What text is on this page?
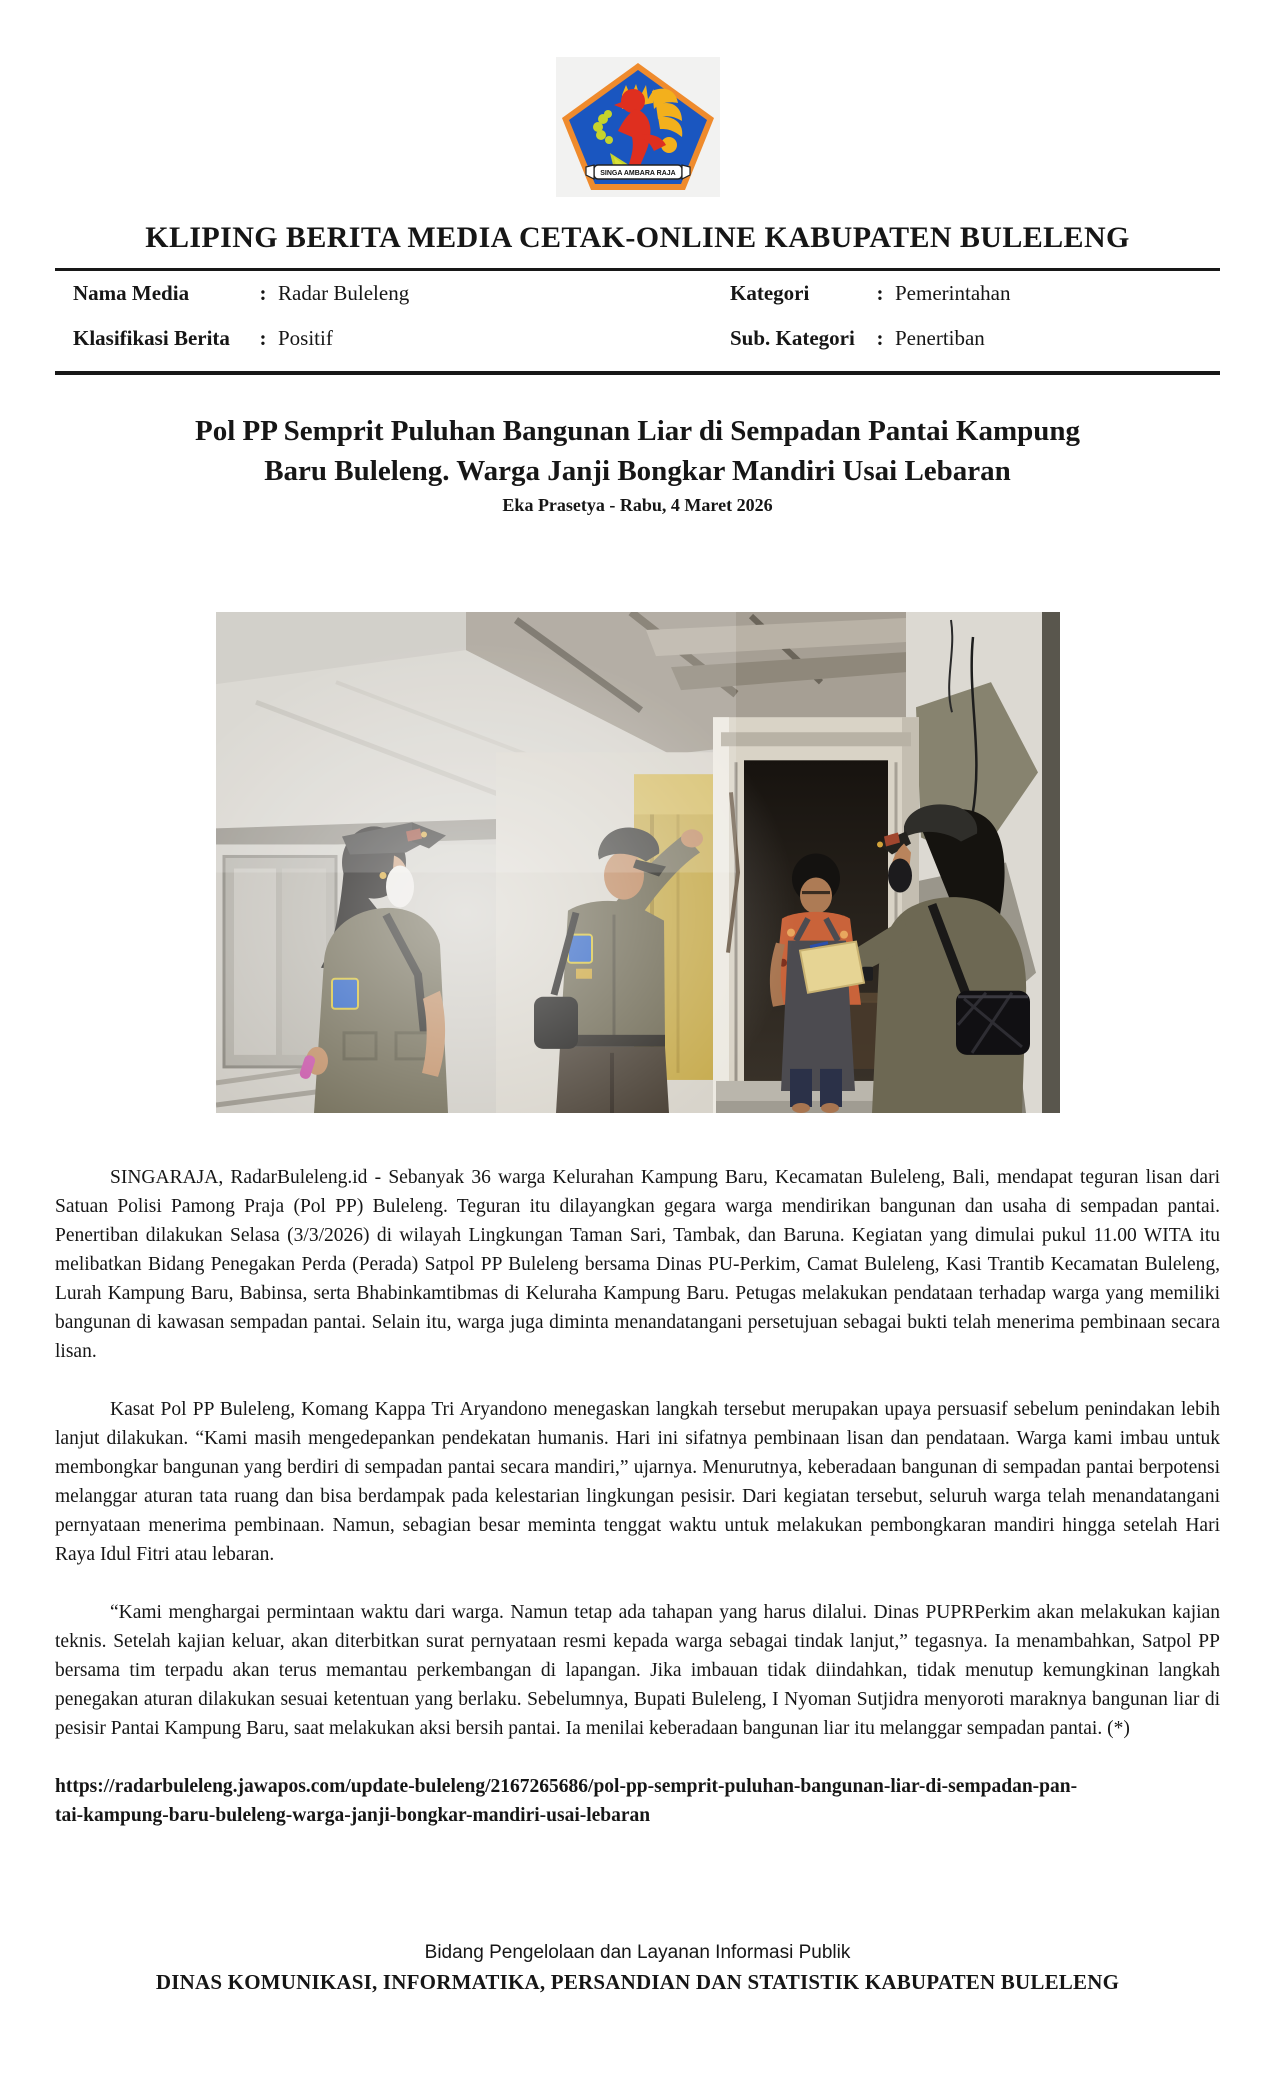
SINGA AMBARA RAJA
KLIPING BERITA MEDIA CETAK-ONLINE KABUPATEN BULELENG
Nama Media	: Radar Buleleng
Klasifikasi Berita	: Positif
Kategori	: Pemerintahan
Sub. Kategori	: Penertiban
Pol PP Semprit Puluhan Bangunan Liar di Sempadan Pantai Kampung
Baru Buleleng. Warga Janji Bongkar Mandiri Usai Lebaran
Eka Prasetya - Rabu, 4 Maret 2026

SINGARAJA, RadarBuleleng.id - Sebanyak 36 warga Kelurahan Kampung Baru, Kecamatan Buleleng, Bali, mendapat teguran lisan dari Satuan Polisi Pamong Praja (Pol PP) Buleleng. Teguran itu dilayangkan gegara warga mendirikan bangunan dan usaha di sempadan pantai. Penertiban dilakukan Selasa (3/3/2026) di wilayah Lingkungan Taman Sari, Tambak, dan Baruna. Kegiatan yang dimulai pukul 11.00 WITA itu melibatkan Bidang Penegakan Perda (Perada) Satpol PP Buleleng bersama Dinas PU-Perkim, Camat Buleleng, Kasi Trantib Kecamatan Buleleng, Lurah Kampung Baru, Babinsa, serta Bhabinkamtibmas di Keluraha Kampung Baru. Petugas melakukan pendataan terhadap warga yang memiliki bangunan di kawasan sempadan pantai. Selain itu, warga juga diminta menandatangani persetujuan sebagai bukti telah menerima pembinaan secara lisan.

Kasat Pol PP Buleleng, Komang Kappa Tri Aryandono menegaskan langkah tersebut merupakan upaya persuasif sebelum penindakan lebih lanjut dilakukan. “Kami masih mengedepankan pendekatan humanis. Hari ini sifatnya pembinaan lisan dan pendataan. Warga kami imbau untuk membongkar bangunan yang berdiri di sempadan pantai secara mandiri,” ujarnya. Menurutnya, keberadaan bangunan di sempadan pantai berpotensi melanggar aturan tata ruang dan bisa berdampak pada kelestarian lingkungan pesisir. Dari kegiatan tersebut, seluruh warga telah menandatangani pernyataan menerima pembinaan. Namun, sebagian besar meminta tenggat waktu untuk melakukan pembongkaran mandiri hingga setelah Hari Raya Idul Fitri atau lebaran.

“Kami menghargai permintaan waktu dari warga. Namun tetap ada tahapan yang harus dilalui. Dinas PUPRPerkim akan melakukan kajian teknis. Setelah kajian keluar, akan diterbitkan surat pernyataan resmi kepada warga sebagai tindak lanjut,” tegasnya. Ia menambahkan, Satpol PP bersama tim terpadu akan terus memantau perkembangan di lapangan. Jika imbauan tidak diindahkan, tidak menutup kemungkinan langkah penegakan aturan dilakukan sesuai ketentuan yang berlaku. Sebelumnya, Bupati Buleleng, I Nyoman Sutjidra menyoroti maraknya bangunan liar di pesisir Pantai Kampung Baru, saat melakukan aksi bersih pantai. Ia menilai keberadaan bangunan liar itu melanggar sempadan pantai. (*)

https://radarbuleleng.jawapos.com/update-buleleng/2167265686/pol-pp-semprit-puluhan-bangunan-liar-di-sempadan-pan-
tai-kampung-baru-buleleng-warga-janji-bongkar-mandiri-usai-lebaran

Bidang Pengelolaan dan Layanan Informasi Publik

DINAS KOMUNIKASI, INFORMATIKA, PERSANDIAN DAN STATISTIK KABUPATEN BULELENG
